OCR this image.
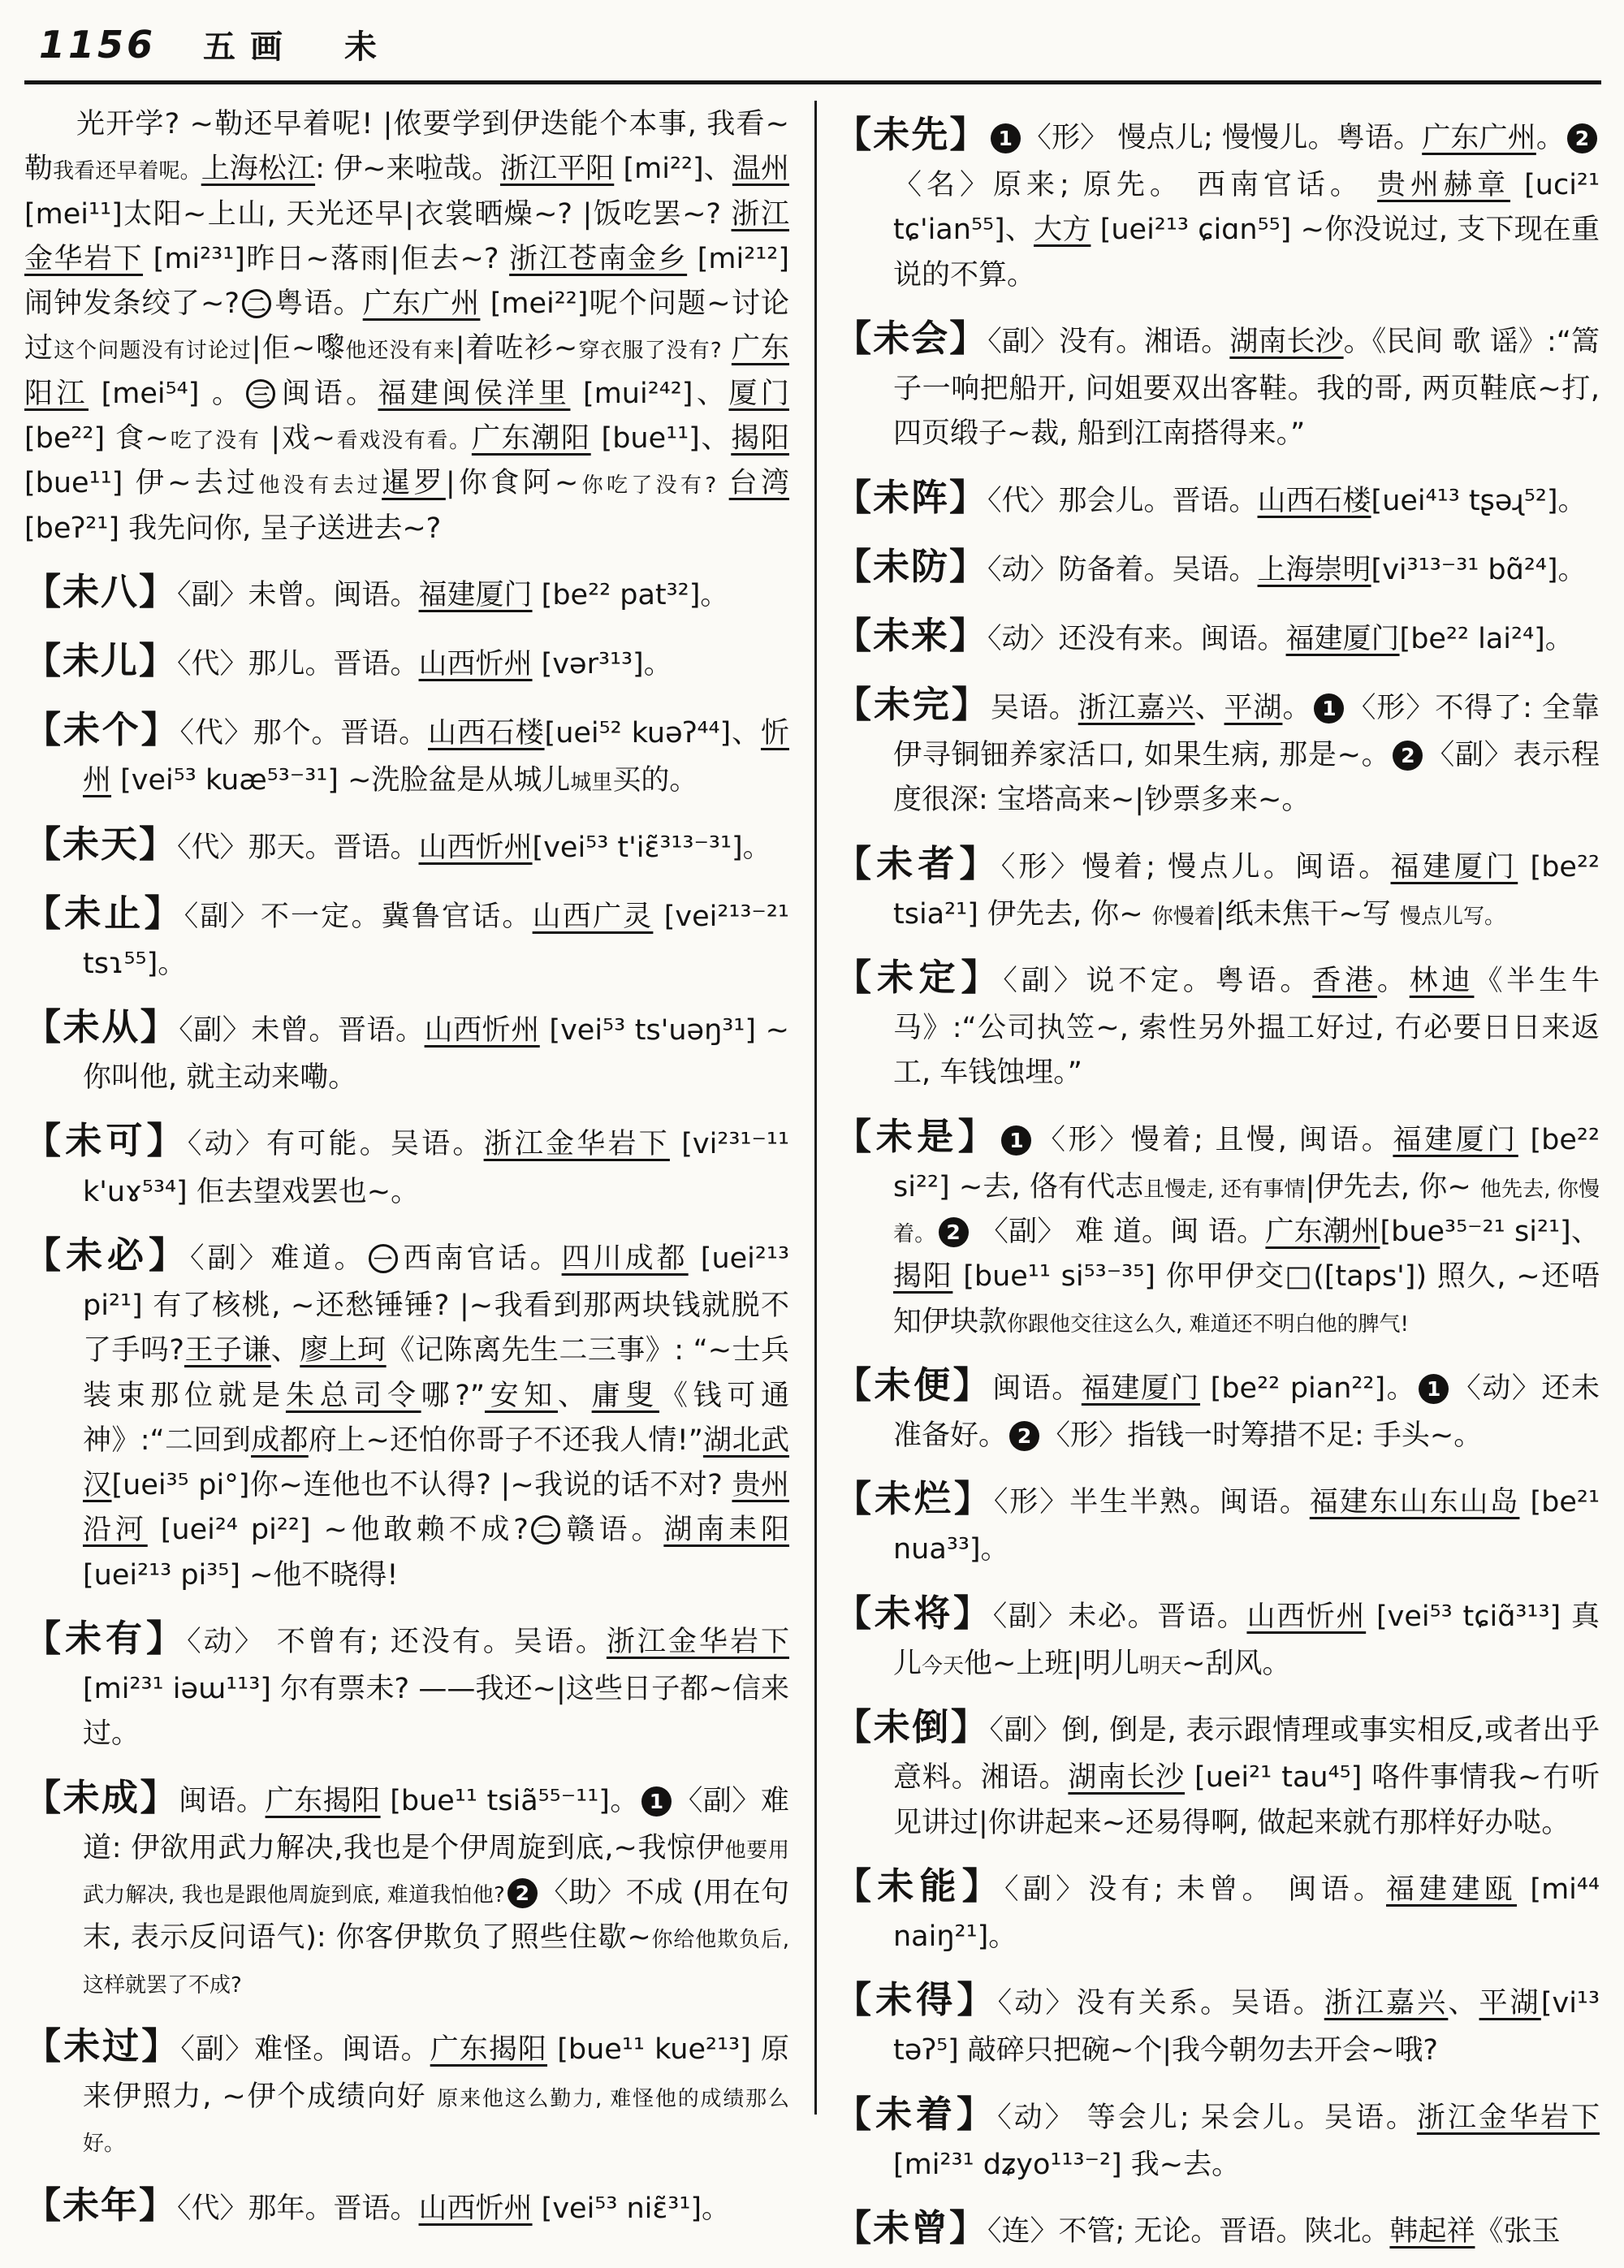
1156 五画　未

光开学? ~勒还早着呢! |侬要学到伊迭能个本事, 我看~勒我看还早着呢。上海松江: 伊~来啦哉。浙江平阳 [mi²²]、温州 [mei¹¹]太阳~上山, 天光还早|衣裳晒燥~? |饭吃罢~? 浙江金华岩下 [mi²³¹]昨日~落雨|佢去~? 浙江苍南金乡 [mi²¹²]闹钟发条绞了~? 二 粤语。广东广州 [mei²²]呢个问题~讨论过这个问题没有讨论过|佢~嚟他还没有来|着咗衫~穿衣服了没有? 广东阳江 [mei⁵⁴] 。 三 闽语。福建闽侯洋里 [mui²⁴²]、厦门 [be²²] 食~吃了没有 |戏~看戏没有看。广东潮阳 [bue¹¹]、揭阳 [bue¹¹] 伊~去过他没有去过暹罗|你食阿~你吃了没有? 台湾[beʔ²¹] 我先问你, 呈子送进去~?

【未八】〈副〉未曾。闽语。福建厦门 [be²² pat³²]。

【未儿】〈代〉那儿。晋语。山西忻州 [vər³¹³]。

【未个】〈代〉那个。晋语。山西石楼[uei⁵² kuəʔ⁴⁴]、忻州 [vei⁵³ kuæ⁵³⁻³¹] ~洗脸盆是从城儿城里买的。

【未天】〈代〉那天。晋语。山西忻州[vei⁵³ t'iɛ̃³¹³⁻³¹]。

【未止】〈副〉不一定。冀鲁官话。山西广灵 [vei²¹³⁻²¹ tsɿ⁵⁵]。

【未从】〈副〉未曾。晋语。山西忻州 [vei⁵³ ts'uəŋ³¹] ~你叫他, 就主动来嘞。

【未可】〈动〉有可能。吴语。浙江金华岩下 [vi²³¹⁻¹¹ k'uɤ⁵³⁴] 佢去望戏罢也~。

【未必】〈副〉难道。 一 西南官话。四川成都 [uei²¹³ pi²¹] 有了核桃, ~还愁锤锤? |~我看到那两块钱就脱不了手吗?王子谦、廖上珂《记陈离先生二三事》: “~士兵装束那位就是朱总司令哪?”安知、庸叟《钱可通神》:“二回到成都府上~还怕你哥子不还我人情!”湖北武汉[uei³⁵ pi°]你~连他也不认得? |~我说的话不对? 贵州沿河 [uei²⁴ pi²²] ~他敢赖不成? 二 赣语。湖南耒阳 [uei²¹³ pi³⁵] ~他不晓得!

【未有】〈动〉 不曾有; 还没有。吴语。浙江金华岩下 [mi²³¹ iəɯ¹¹³] 尔有票未? ——我还~|这些日子都~信来过。

【未成】闽语。广东揭阳 [bue¹¹ tsiã⁵⁵⁻¹¹]。 1 〈副〉难道: 伊欲用武力解决,我也是个伊周旋到底,~我惊伊他要用武力解决, 我也是跟他周旋到底, 难道我怕他? 2 〈助〉不成 (用在句末, 表示反问语气): 你客伊欺负了照些住歇~你给他欺负后, 这样就罢了不成?

【未过】〈副〉难怪。闽语。广东揭阳 [bue¹¹ kue²¹³] 原来伊照力, ~伊个成绩向好 原来他这么勤力, 难怪他的成绩那么好。

【未年】〈代〉那年。晋语。山西忻州 [vei⁵³ niɛ̃³¹]。

【未先】 1 〈形〉 慢点儿; 慢慢儿。粤语。广东广州。 2〈名〉原来; 原先。 西南官话。 贵州赫章 [uci²¹ tɕ'ian⁵⁵]、大方 [uei²¹³ ɕiɑn⁵⁵] ~你没说过, 支下现在重说的不算。

【未会】〈副〉没有。湘语。湖南长沙。《民间 歌 谣》:“篙子一响把船开, 问姐要双出客鞋。我的哥, 两页鞋底~打, 四页缎子~裁, 船到江南搭得来。”

【未阵】〈代〉那会儿。晋语。山西石楼[uei⁴¹³ tʂəɻ⁵²]。

【未防】〈动〉防备着。吴语。上海崇明[vi³¹³⁻³¹ bɑ̃²⁴]。

【未来】〈动〉还没有来。闽语。福建厦门[be²² lai²⁴]。

【未完】吴语。浙江嘉兴、平湖。 1 〈形〉不得了: 全靠伊寻铜钿养家活口, 如果生病, 那是~。 2 〈副〉表示程度很深: 宝塔高来~|钞票多来~。

【未者】〈形〉慢着; 慢点儿。闽语。福建厦门 [be²² tsia²¹] 伊先去, 你~ 你慢着|纸未焦干~写 慢点儿写。

【未定】〈副〉说不定。粤语。香港。林迪《半生牛马》:“公司执笠~, 索性另外揾工好过, 冇必要日日来返工, 车钱蚀埋。”

【未是】 1 〈形〉慢着; 且慢, 闽语。福建厦门 [be²² si²²] ~去, 佫有代志且慢走, 还有事情|伊先去, 你~ 他先去, 你慢着。 2 〈副〉 难 道。闽 语。广东潮州[bue³⁵⁻²¹ si²¹]、揭阳 [bue¹¹ si⁵³⁻³⁵] 你甲伊交□([taps']) 照久, ~还唔知伊块款你跟他交往这么久, 难道还不明白他的脾气!

【未便】闽语。福建厦门 [be²² pian²²]。 1 〈动〉还未准备好。 2 〈形〉指钱一时筹措不足: 手头~。

【未烂】〈形〉半生半熟。闽语。福建东山东山岛 [be²¹ nua³³]。

【未将】〈副〉未必。晋语。山西忻州 [vei⁵³ tɕiɑ̃³¹³] 真儿今天他~上班|明儿明天~刮风。

【未倒】〈副〉倒, 倒是, 表示跟情理或事实相反,或者出乎意料。湘语。湖南长沙 [uei²¹ tau⁴⁵] 咯件事情我~冇听见讲过|你讲起来~还易得啊, 做起来就冇那样好办哒。

【未能】〈副〉没有; 未曾。 闽语。福建建瓯 [mi⁴⁴ naiŋ²¹]。

【未得】〈动〉没有关系。吴语。浙江嘉兴、平湖[vi¹³ təʔ⁵] 敲碎只把碗~个|我今朝勿去开会~哦?

【未着】〈动〉 等会儿; 呆会儿。吴语。浙江金华岩下 [mi²³¹ dʑyo¹¹³⁻²] 我~去。

【未曾】〈连〉不管; 无论。晋语。陕北。韩起祥《张玉
